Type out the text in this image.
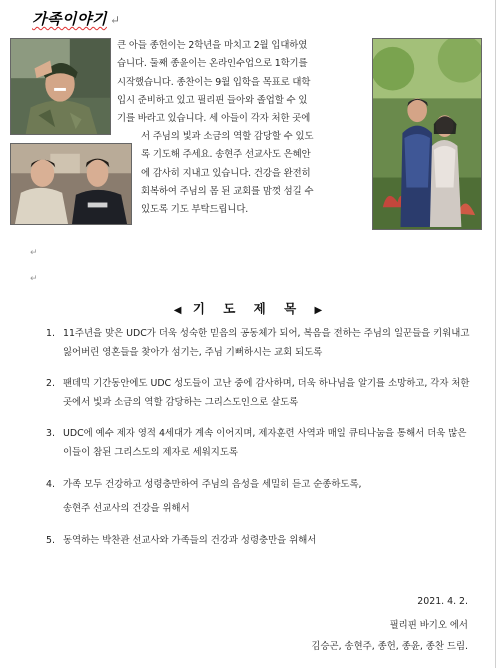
가족이야기 ↵
큰 아들 종헌이는 2학년을 마치고 2월 입대하였
습니다. 둘째 종윤이는 온라인수업으로 1학기를
시작했습니다. 종찬이는 9월 입학을 목표로 대학
입시 준비하고 있고 필리핀 들아와 졸업할 수 있
기를 바라고 있습니다. 세 아들이 각자 처한 곳에
서 주님의 빛과 소금의 역할 감당할 수 있도
록 기도해 주세요. 송현주 선교사도 은혜안
에 감사히 지내고 있습니다. 건강을 완전히
회복하여 주님의 몸 된 교회를 맘껏 섬길 수
있도록 기도 부탁드립니다.
↵
↵
◀ 기 도 제 목 ▶
1. 11주년을 맞은 UDC가 더욱 성숙한 믿음의 공동체가 되어, 복음을 전하는 주님의 일꾼들을 키워내고 잃어버린 영혼들을 찾아가 섬기는, 주님 기뻐하시는 교회 되도록
2. 팬데믹 기간동안에도 UDC 성도들이 고난 중에 감사하며, 더욱 하나님을 알기를 소망하고, 각자 처한 곳에서 빛과 소금의 역할 감당하는 그리스도인으로 살도록
3. UDC에 예수 제자 영적 4세대가 계속 이어지며, 제자훈련 사역과 매일 큐티나눔을 통해서 더욱 많은 이들이 참된 그리스도의 제자로 세워지도록
4. 가족 모두 건강하고 성령충만하여 주님의 음성을 세밀히 듣고 순종하도록,
송현주 선교사의 건강을 위해서
5. 동역하는 박찬관 선교사와 가족들의 건강과 성령충만을 위해서
2021. 4. 2.
필리핀 바기오 에서
김승곤, 송현주, 종헌, 종윤, 종찬 드림.
